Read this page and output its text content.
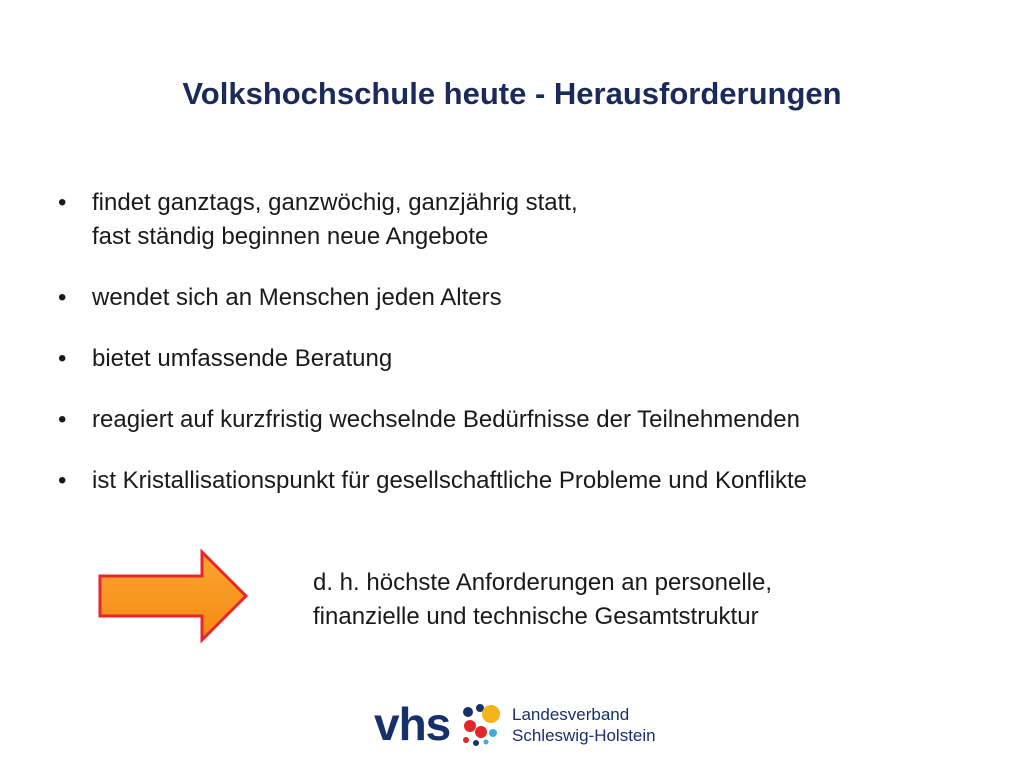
Volkshochschule heute - Herausforderungen
•	findet ganztags, ganzwöchig, ganzjährig statt,
fast ständig beginnen neue Angebote
•	wendet sich an Menschen jeden Alters
•	bietet umfassende Beratung
•	reagiert auf kurzfristig wechselnde Bedürfnisse der Teilnehmenden
•	ist Kristallisationspunkt für gesellschaftliche Probleme und Konflikte
d. h. höchste Anforderungen an personelle,
finanzielle und technische Gesamtstruktur
vhs	Landesverband
Schleswig-Holstein
